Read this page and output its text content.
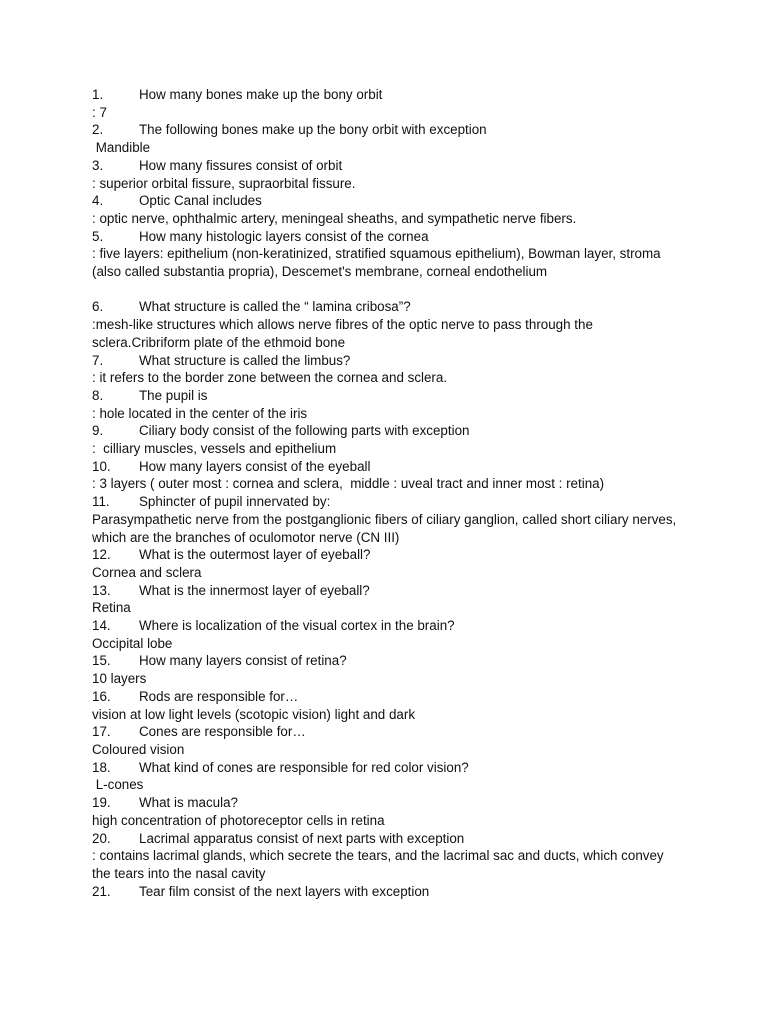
1.	How many bones make up the bony orbit
: 7
2.	The following bones make up the bony orbit with exception
Mandible
3.	How many fissures consist of orbit
: superior orbital fissure, supraorbital fissure.
4.	Optic Canal includes
: optic nerve, ophthalmic artery, meningeal sheaths, and sympathetic nerve fibers.
5.	How many histologic layers consist of the cornea
: five layers: epithelium (non-keratinized, stratified squamous epithelium), Bowman layer, stroma (also called substantia propria), Descemet's membrane, corneal endothelium
6.	What structure is called the “ lamina cribosa”?
:mesh-like structures which allows nerve fibres of the optic nerve to pass through the sclera.Cribriform plate of the ethmoid bone
7.	What structure is called the limbus?
: it refers to the border zone between the cornea and sclera.
8.	The pupil is
: hole located in the center of the iris
9.	Ciliary body consist of the following parts with exception
:  cilliary muscles, vessels and epithelium
10.	How many layers consist of the eyeball
: 3 layers ( outer most : cornea and sclera,  middle : uveal tract and inner most : retina)
11.	Sphincter of pupil innervated by:
Parasympathetic nerve from the postganglionic fibers of ciliary ganglion, called short ciliary nerves, which are the branches of oculomotor nerve (CN III)
12.	What is the outermost layer of eyeball?
Cornea and sclera
13.	What is the innermost layer of eyeball?
Retina
14.	Where is localization of the visual cortex in the brain?
Occipital lobe
15.	How many layers consist of retina?
10 layers
16.	Rods are responsible for…
vision at low light levels (scotopic vision) light and dark
17.	Cones are responsible for…
Coloured vision
18.	What kind of cones are responsible for red color vision?
L-cones
19.	What is macula?
high concentration of photoreceptor cells in retina
20.	Lacrimal apparatus consist of next parts with exception
: contains lacrimal glands, which secrete the tears, and the lacrimal sac and ducts, which convey the tears into the nasal cavity
21.	Tear film consist of the next layers with exception
